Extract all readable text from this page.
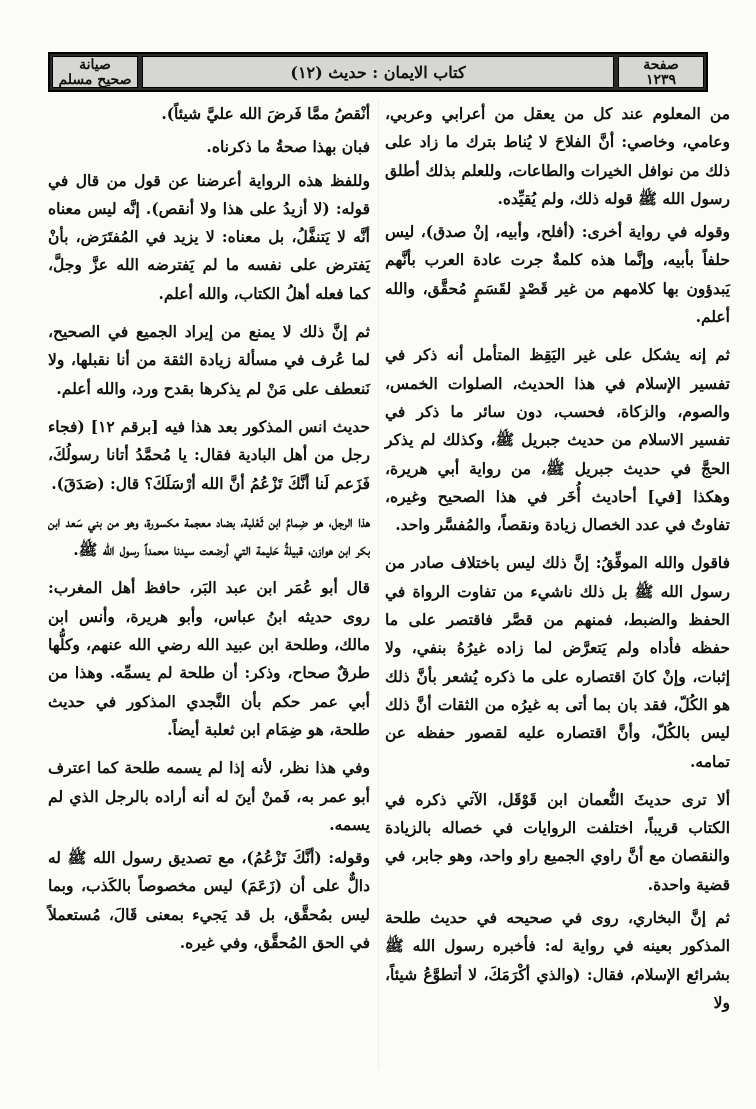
صفحة
١٢٣٩
كتاب الايمان : حديث (١٢)
صيانة
صحيح مسلم

من المعلوم عند كل من يعقل من أعرابي وعربي، وعامي، وخاصي: أنَّ الفلاحَ لا يُناط بترك ما زاد على ذلك من نوافل الخيرات والطاعات، وللعلم بذلك أطلق رسول الله ﷺ قوله ذلك، ولم يُقيِّده.

وقوله في رواية أخرى: (أفلح، وأبيه، إنْ صدق)، ليس حلفاً بأبيه، وإنَّما هذه كلمةٌ جرت عادة العرب بأنَّهم يَبدؤون بها كلامهم من غير قَصْدٍ لقَسَمٍ مُحقَّق، والله أعلم.

ثم إنه يشكل على غير اليَقِظ المتأمل أنه ذكر في تفسير الإسلام في هذا الحديث، الصلوات الخمس، والصوم، والزكاة، فحسب، دون سائر ما ذكر في تفسير الاسلام من حديث جبريل ﷺ، وكذلك لم يذكر الحجَّ في حديث جبريل ﷺ، من رواية أبي هريرة، وهكذا [في] أحاديث أُخَر في هذا الصحيح وغيره، تفاوتٌ في عدد الخصال زيادة ونقصاً، والمُفسَّر واحد.

فاقول والله الموفِّقُ: إنَّ ذلك ليس باختلاف صادر من رسول الله ﷺ بل ذلك ناشيء من تفاوت الرواة في الحفظ والضبط، فمنهم من قصَّر فاقتصر على ما حفظه فأداه ولم يَتعرَّض لما زاده غيرُهُ بنفي، ولا إثبات، وإنْ كانَ اقتصاره على ما ذكره يُشعر بأنَّ ذلك هو الكُلّ، فقد بان بما أتى به غيرُه من الثقات أنَّ ذلك ليس بالكُلّ، وأنَّ اقتصاره عليه لقصور حفظه عن تمامه.

ألا ترى حديثَ النُّعمان ابن قَوْقَل، الآتي ذكره في الكتاب قريباً، اختلفت الروايات في خصاله بالزيادة والنقصان مع أنَّ راوي الجميع راو واحد، وهو جابر، في قضية واحدة.

ثم إنَّ البخاري، روى في صحيحه في حديث طلحة المذكور بعينه في رواية له: فأخبره رسول الله ﷺ بشرائع الإسلام، فقال: (والذي أكْرَمَكَ، لا أتطوَّعُ شيئاً، ولا

أنْقصُ ممَّا فَرضَ الله عليَّ شيئاً).

فبان بهذا صحةُ ما ذكرناه.

وللفظ هذه الرواية أعرضنا عن قول من قال في قوله: (لا أزيدُ على هذا ولا أنقص). إنَّه ليس معناه أنَّه لا يَتنفَّلُ، بل معناه: لا يزيد في المُفتَرَض، بأنْ يَفترض على نفسه ما لم يَفترضه الله عزَّ وجلَّ، كما فعله أهلُ الكتاب، والله أعلم.

ثم إنَّ ذلك لا يمنع من إيراد الجميع في الصحيح، لما عُرف في مسألة زيادة الثقة من أنا نقبلها، ولا نَنعطف على مَنْ لم يذكرها بقدح ورد، والله أعلم.

حديث انس المذكور بعد هذا فيه [برقم ١٢] (فجاء رجل من أهل البادية فقال: يا مُحمَّدُ أتانا رسولُكَ، فَزَعم لَنا أنَّكَ تَزْعُمُ أنَّ الله أرْسَلَكَ؟ قال: (صَدَقَ).

هذا الرجل، هو ضِمامُ ابن ثَعْلبة، بضاد معجمة مكسورة، وهو من بني سَعد ابن بكر ابن هوازن، قبيلةُ حَليمة التي أرضعت سيدنا محمداً رسول الله ﷺ.

قال أبو عُمَر ابن عبد البَر، حافظ أهل المغرب: روى حديثه ابنُ عباس، وأبو هريرة، وأنس ابن مالك، وطلحة ابن عبيد الله رضي الله عنهم، وكلُّها طرقٌ صحاح، وذكر: أن طلحة لم يسمِّه. وهذا من أبي عمر حكم بأن النَّجدي المذكور في حديث طلحة، هو ضِمَام ابن ثعلبة أيضاً.

وفي هذا نظر، لأنه إذا لم يسمه طلحة كما اعترف أبو عمر به، فَمنْ أينَ له أنه أراده بالرجل الذي لم يسمه.

وقوله: (أنَّكَ تَزْعُمُ)، مع تصديق رسول الله ﷺ له دالٌّ على أن (زَعَمَ) ليس مخصوصاً بالكَذب، وبما ليس بمُحقَّق، بل قد يَجيء بمعنى قَالَ، مُستعملاً في الحق المُحقَّق، وفي غيره.
